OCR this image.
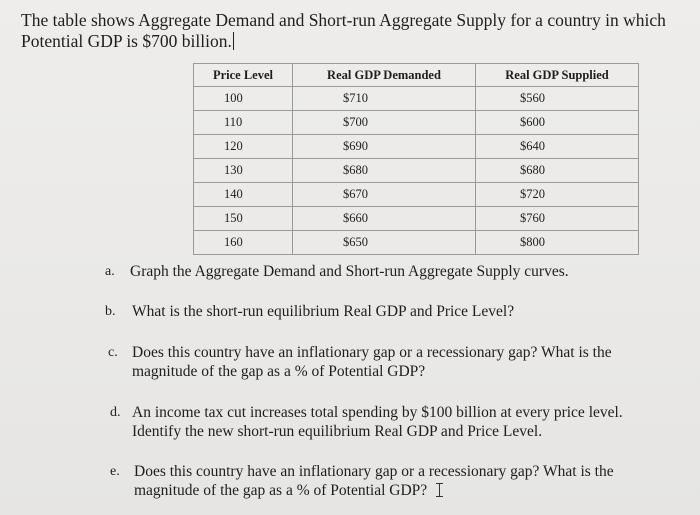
The table shows Aggregate Demand and Short-run Aggregate Supply for a country in which
Potential GDP is $700 billion.
Price Level	Real GDP Demanded	Real GDP Supplied
100	$710	$560
110	$700	$600
120	$690	$640
130	$680	$680
140	$670	$720
150	$660	$760
160	$650	$800
a. Graph the Aggregate Demand and Short-run Aggregate Supply curves.
b. What is the short-run equilibrium Real GDP and Price Level?
c. Does this country have an inflationary gap or a recessionary gap? What is the
magnitude of the gap as a % of Potential GDP?
d. An income tax cut increases total spending by $100 billion at every price level.
Identify the new short-run equilibrium Real GDP and Price Level.
e. Does this country have an inflationary gap or a recessionary gap? What is the
magnitude of the gap as a % of Potential GDP?
